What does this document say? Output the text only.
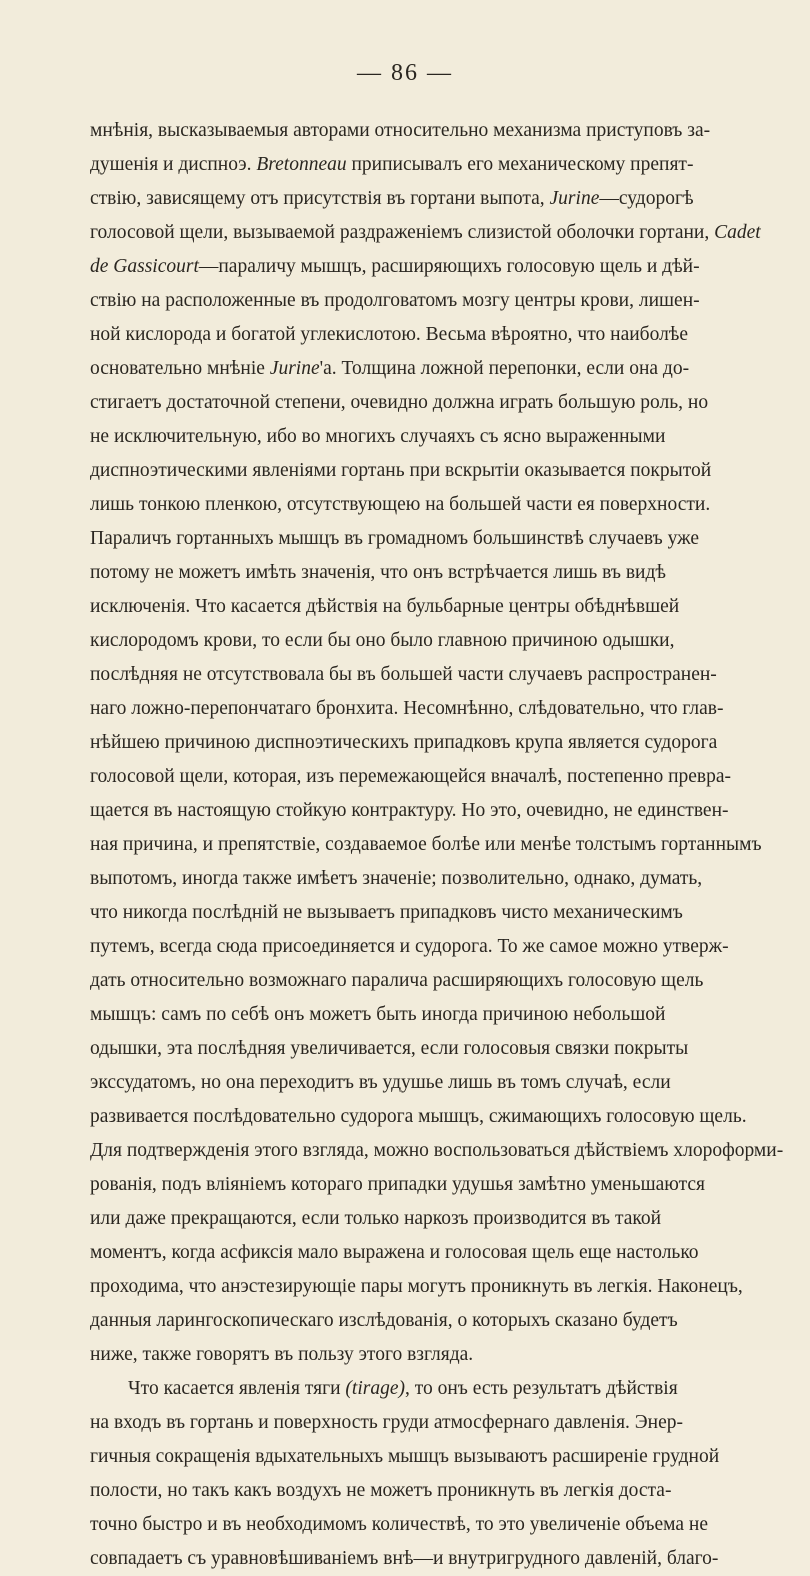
— 86 —
мнѣнія, высказываемыя авторами относительно механизма приступовъ за-
душенія и диспноэ. Bretonneau приписывалъ его механическому препят-
ствію, зависящему отъ присутствія въ гортани выпота, Jurine—судорогѣ
голосовой щели, вызываемой раздраженіемъ слизистой оболочки гортани, Cadet
de Gassicourt—параличу мышцъ, расширяющихъ голосовую щель и дѣй-
ствію на расположенные въ продолговатомъ мозгу центры крови, лишен-
ной кислорода и богатой углекислотою. Весьма вѣроятно, что наиболѣе
основательно мнѣніе Jurine'а. Толщина ложной перепонки, если она до-
стигаетъ достаточной степени, очевидно должна играть большую роль, но
не исключительную, ибо во многихъ случаяхъ съ ясно выраженными
диспноэтическими явленіями гортань при вскрытіи оказывается покрытой
лишь тонкою пленкою, отсутствующею на большей части ея поверхности.
Параличъ гортанныхъ мышцъ въ громадномъ большинствѣ случаевъ уже
потому не можетъ имѣть значенія, что онъ встрѣчается лишь въ видѣ
исключенія. Что касается дѣйствія на бульбарные центры обѣднѣвшей
кислородомъ крови, то если бы оно было главною причиною одышки,
послѣдняя не отсутствовала бы въ большей части случаевъ распространен-
наго ложно-перепончатаго бронхита. Несомнѣнно, слѣдовательно, что глав-
нѣйшею причиною диспноэтическихъ припадковъ крупа является судорога
голосовой щели, которая, изъ перемежающейся вначалѣ, постепенно превра-
щается въ настоящую стойкую контрактуру. Но это, очевидно, не единствен-
ная причина, и препятствіе, создаваемое болѣе или менѣе толстымъ гортаннымъ
выпотомъ, иногда также имѣетъ значеніе; позволительно, однако, думать,
что никогда послѣдній не вызываетъ припадковъ чисто механическимъ
путемъ, всегда сюда присоединяется и судорога. То же самое можно утверж-
дать относительно возможнаго паралича расширяющихъ голосовую щель
мышцъ: самъ по себѣ онъ можетъ быть иногда причиною небольшой
одышки, эта послѣдняя увеличивается, если голосовыя связки покрыты
экссудатомъ, но она переходитъ въ удушье лишь въ томъ случаѣ, если
развивается послѣдовательно судорога мышцъ, сжимающихъ голосовую щель.
Для подтвержденія этого взгляда, можно воспользоваться дѣйствіемъ хлороформи-
рованія, подъ вліяніемъ котораго припадки удушья замѣтно уменьшаются
или даже прекращаются, если только наркозъ производится въ такой
моментъ, когда асфиксія мало выражена и голосовая щель еще настолько
проходима, что анэстезирующіе пары могутъ проникнуть въ легкія. Наконецъ,
данныя ларингоскопическаго изслѣдованія, о которыхъ сказано будетъ
ниже, также говорятъ въ пользу этого взгляда.
Что касается явленія тяги (tirage), то онъ есть результатъ дѣйствія
на входъ въ гортань и поверхность груди атмосфернаго давленія. Энер-
гичныя сокращенія вдыхательныхъ мышцъ вызываютъ расширеніе грудной
полости, но такъ какъ воздухъ не можетъ проникнуть въ легкія доста-
точно быстро и въ необходимомъ количествѣ, то это увеличеніе объема не
совпадаетъ съ уравновѣшиваніемъ внѣ—и внутригрудного давленій, благо-
